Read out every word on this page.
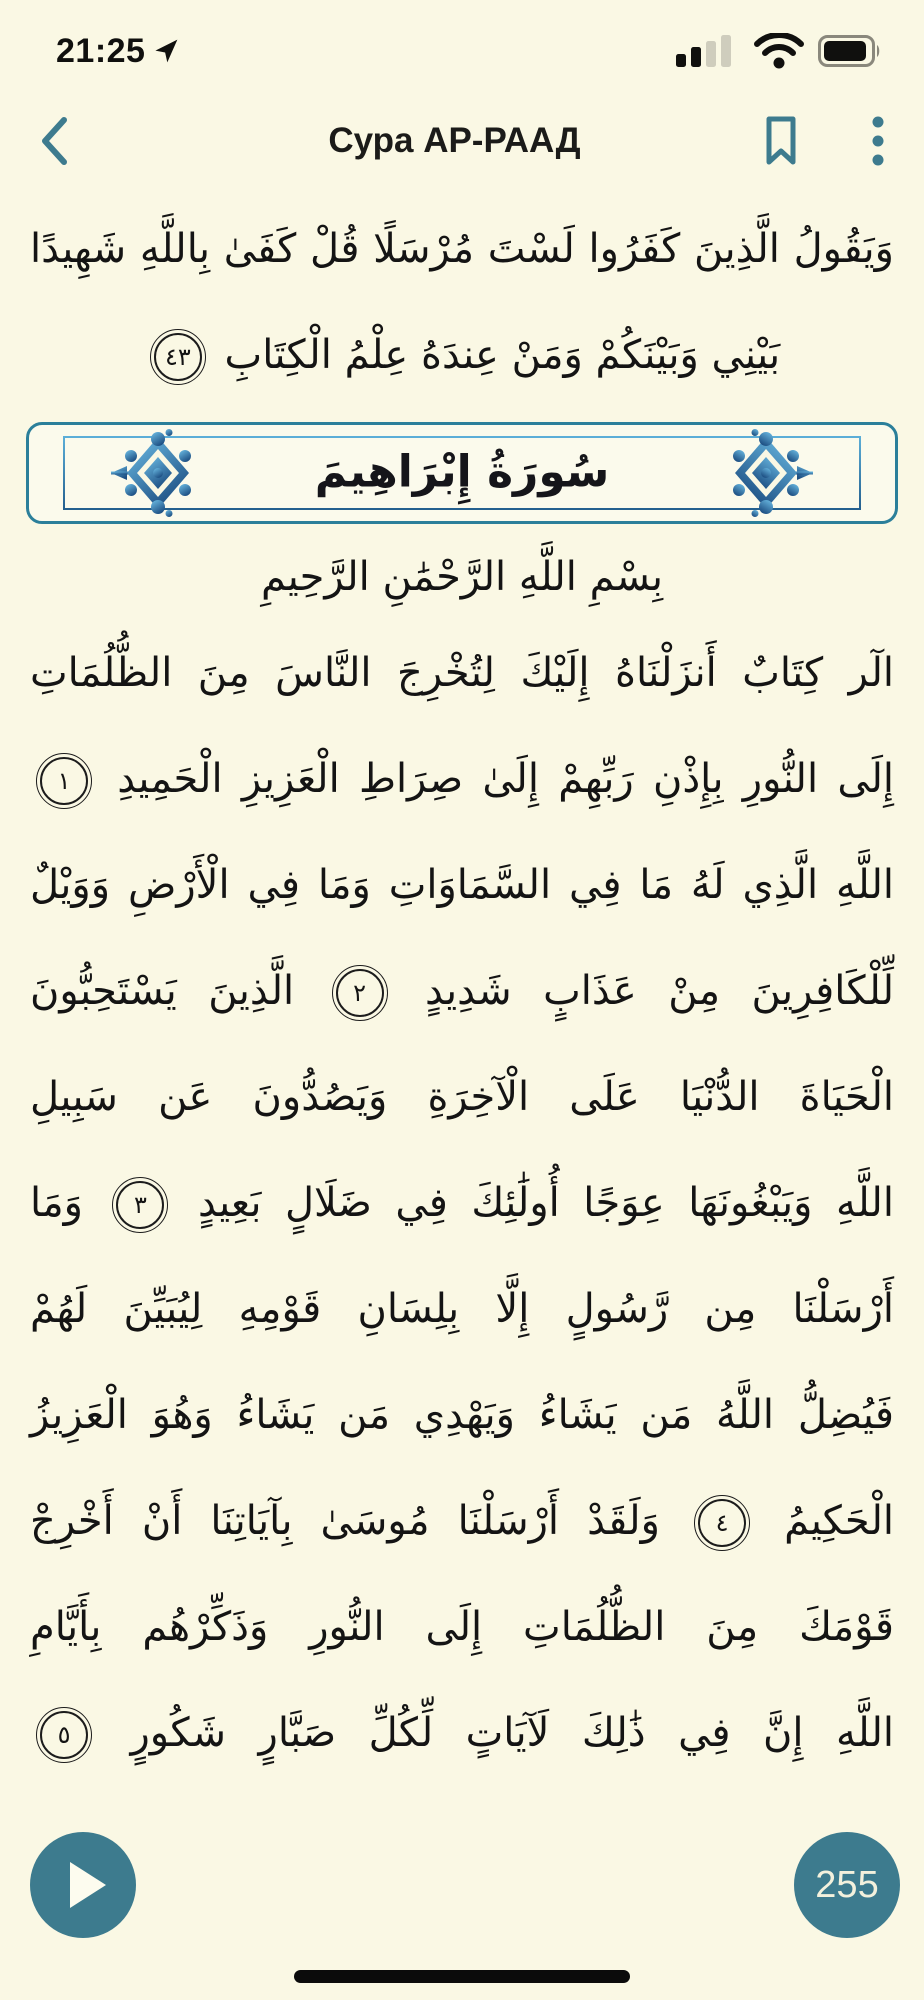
21:25
Сура АР-РААД
وَيَقُولُ الَّذِينَ كَفَرُوا لَسْتَ مُرْسَلًا قُلْ كَفَىٰ بِاللَّهِ شَهِيدًا
بَيْنِي وَبَيْنَكُمْ وَمَنْ عِندَهُ عِلْمُ الْكِتَابِ ٤٣
سُورَةُ إِبْرَاهِيمَ
بِسْمِ اللَّهِ الرَّحْمَٰنِ الرَّحِيمِ
الٓر كِتَابٌ أَنزَلْنَاهُ إِلَيْكَ لِتُخْرِجَ النَّاسَ مِنَ الظُّلُمَاتِ
إِلَى النُّورِ بِإِذْنِ رَبِّهِمْ إِلَىٰ صِرَاطِ الْعَزِيزِ الْحَمِيدِ ١
اللَّهِ الَّذِي لَهُ مَا فِي السَّمَاوَاتِ وَمَا فِي الْأَرْضِ وَوَيْلٌ
لِّلْكَافِرِينَ مِنْ عَذَابٍ شَدِيدٍ ٢ الَّذِينَ يَسْتَحِبُّونَ
الْحَيَاةَ الدُّنْيَا عَلَى الْآخِرَةِ وَيَصُدُّونَ عَن سَبِيلِ
اللَّهِ وَيَبْغُونَهَا عِوَجًا أُولَٰئِكَ فِي ضَلَالٍ بَعِيدٍ ٣ وَمَا
أَرْسَلْنَا مِن رَّسُولٍ إِلَّا بِلِسَانِ قَوْمِهِ لِيُبَيِّنَ لَهُمْ
فَيُضِلُّ اللَّهُ مَن يَشَاءُ وَيَهْدِي مَن يَشَاءُ وَهُوَ الْعَزِيزُ
الْحَكِيمُ ٤ وَلَقَدْ أَرْسَلْنَا مُوسَىٰ بِآيَاتِنَا أَنْ أَخْرِجْ
قَوْمَكَ مِنَ الظُّلُمَاتِ إِلَى النُّورِ وَذَكِّرْهُم بِأَيَّامِ
اللَّهِ إِنَّ فِي ذَٰلِكَ لَآيَاتٍ لِّكُلِّ صَبَّارٍ شَكُورٍ ٥
255
